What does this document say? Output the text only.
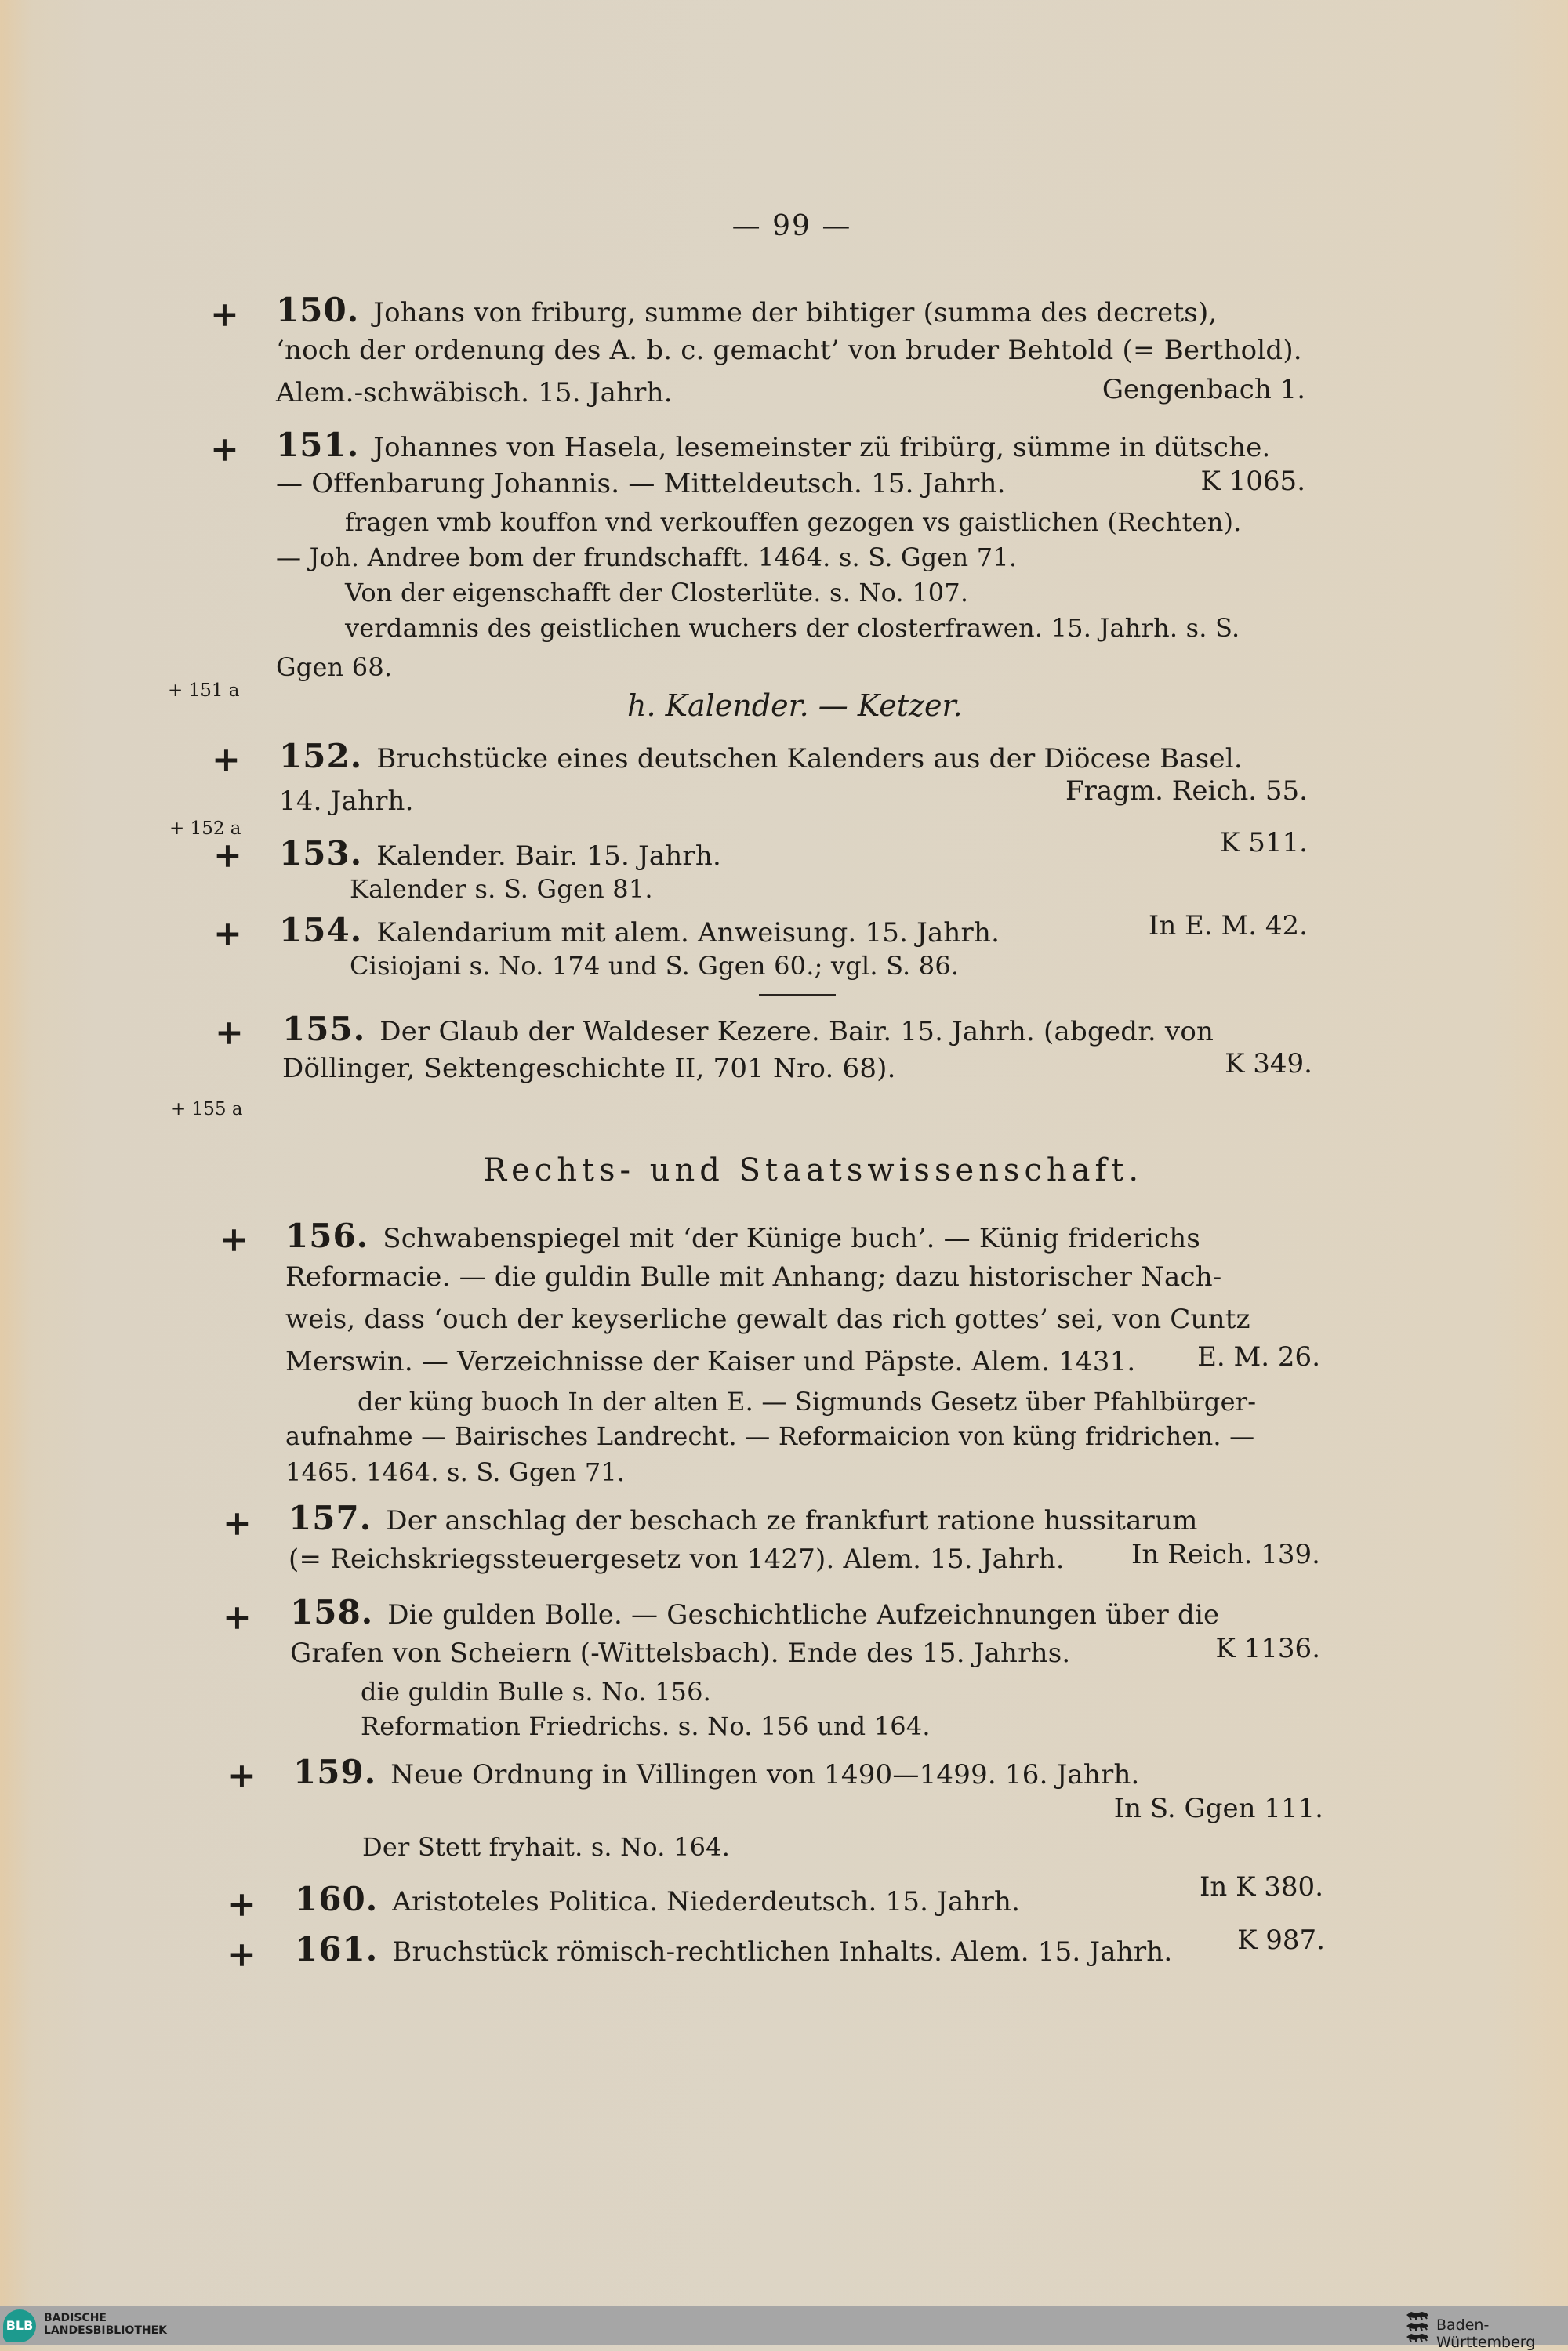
— 99 —
+ 150. Johans von friburg, summe der bihtiger (summa des decrets),
‘noch der ordenung des A. b. c. gemacht’ von bruder Behtold (= Berthold).
Alem.-schwäbisch. 15. Jahrh.	Gengenbach 1.
+ 151. Johannes von Hasela, lesemeinster zü fribürg, sümme in dütsche.
— Offenbarung Johannis. — Mitteldeutsch. 15. Jahrh.	K 1065.
fragen vmb kouffon vnd verkouffen gezogen vs gaistlichen (Rechten).
— Joh. Andree bom der frundschafft. 1464. s. S. Ggen 71.
Von der eigenschafft der Closterlüte. s. No. 107.
verdamnis des geistlichen wuchers der closterfrawen. 15. Jahrh. s. S.
Ggen 68.
+ 151 a	h. Kalender. — Ketzer.
+ 152. Bruchstücke eines deutschen Kalenders aus der Diöcese Basel.
14. Jahrh.	Fragm. Reich. 55.
+ 152 a
+ 153. Kalender. Bair. 15. Jahrh.	K 511.
Kalender s. S. Ggen 81.
+ 154. Kalendarium mit alem. Anweisung. 15. Jahrh.	In E. M. 42.
Cisiojani s. No. 174 und S. Ggen 60.; vgl. S. 86.
+ 155. Der Glaub der Waldeser Kezere. Bair. 15. Jahrh. (abgedr. von
Döllinger, Sektengeschichte II, 701 Nro. 68).	K 349.
+ 155 a
Rechts- und Staatswissenschaft.
+ 156. Schwabenspiegel mit ‘der Künige buch’. — Künig friderichs
Reformacie. — die guldin Bulle mit Anhang; dazu historischer Nach-
weis, dass ‘ouch der keyserliche gewalt das rich gottes’ sei, von Cuntz
Merswin. — Verzeichnisse der Kaiser und Päpste. Alem. 1431. E. M. 26.
der küng buoch In der alten E. — Sigmunds Gesetz über Pfahlbürger-
aufnahme — Bairisches Landrecht. — Reformaicion von küng fridrichen. —
1465. 1464. s. S. Ggen 71.
+ 157. Der anschlag der beschach ze frankfurt ratione hussitarum
(= Reichskriegssteuergesetz von 1427). Alem. 15. Jahrh.	In Reich. 139.
+ 158. Die gulden Bolle. — Geschichtliche Aufzeichnungen über die
Grafen von Scheiern (-Wittelsbach). Ende des 15. Jahrhs.	K 1136.
die guldin Bulle s. No. 156.
Reformation Friedrichs. s. No. 156 und 164.
+ 159. Neue Ordnung in Villingen von 1490—1499. 16. Jahrh.
In S. Ggen 111.
Der Stett fryhait. s. No. 164.
+ 160. Aristoteles Politica. Niederdeutsch. 15. Jahrh.	In K 380.
+ 161. Bruchstück römisch-rechtlichen Inhalts. Alem. 15. Jahrh. K 987.
BLB BADISCHE
LANDESBIBLIOTHEK	Baden-Württemberg
